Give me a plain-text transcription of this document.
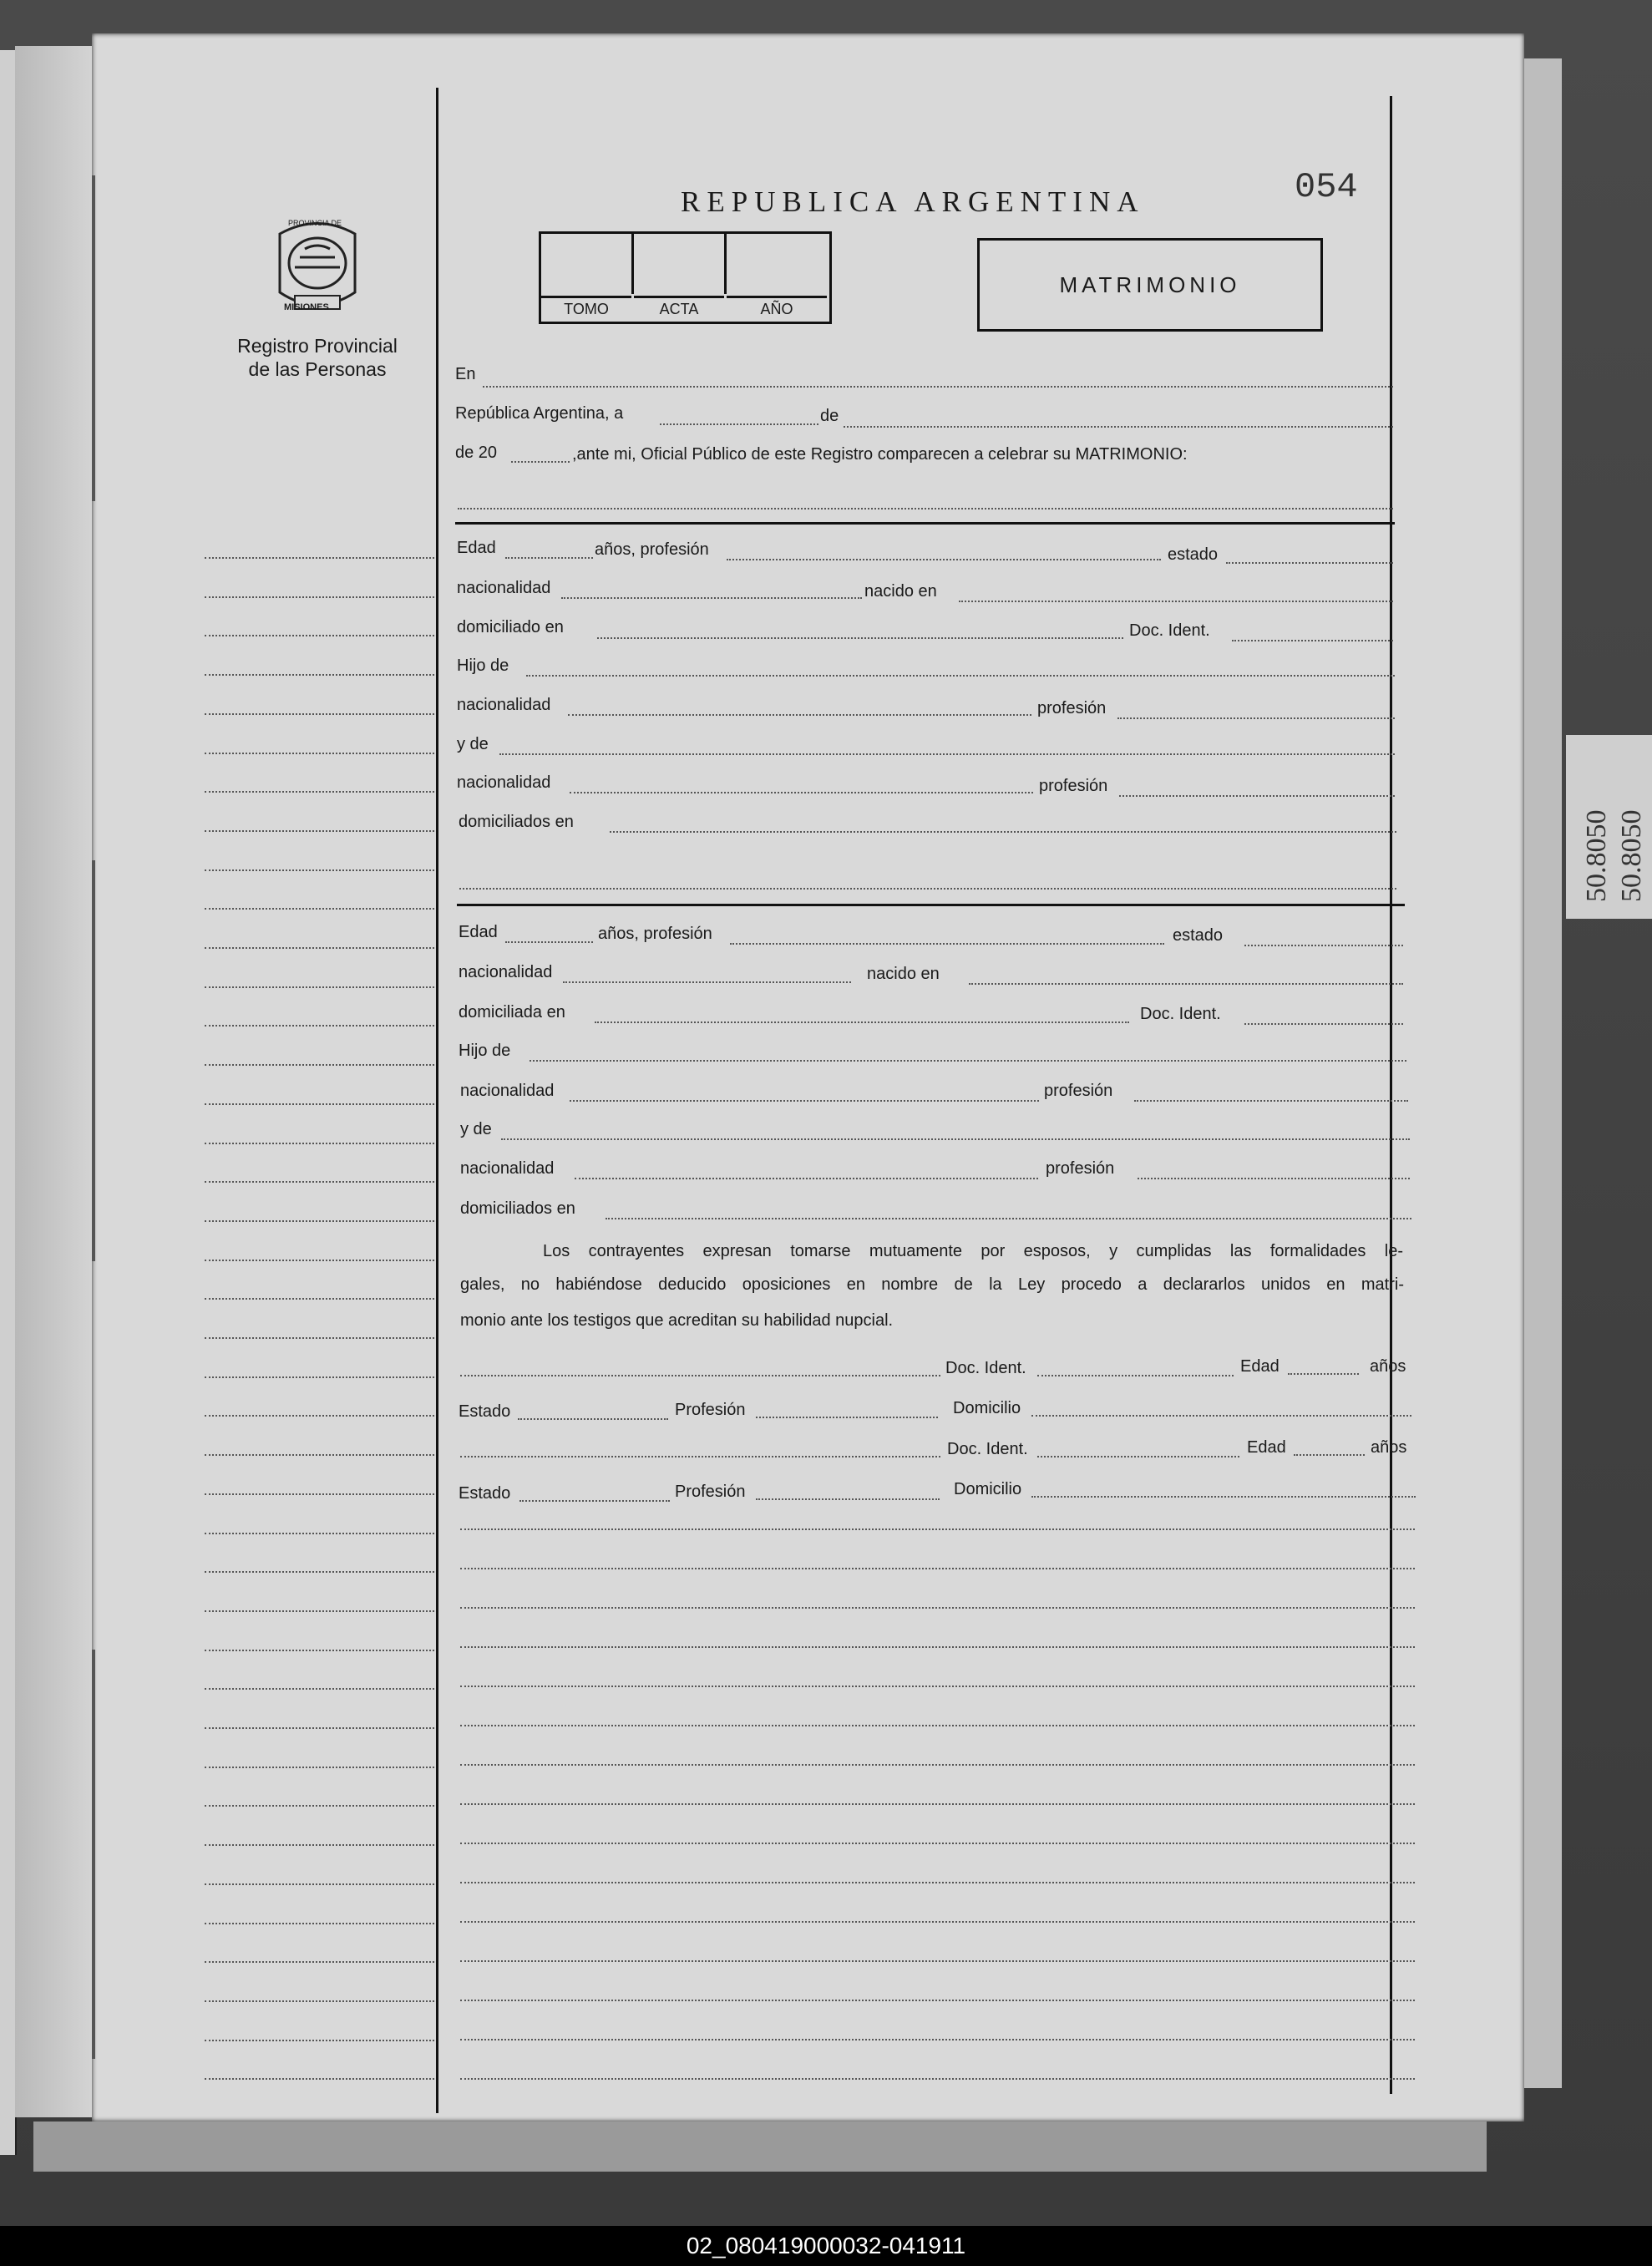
50.8050 50.8050
PROVINCIA DE
MISIONES
Registro Provincial
de las Personas
REPUBLICA ARGENTINA	054
TOMO	ACTA	AÑO
MATRIMONIO
En
República Argentina, a	de
de 20	,ante mi, Oficial Público de este Registro comparecen a celebrar su MATRIMONIO:
Edad	años, profesión	estado
nacionalidad	nacido en
domiciliado en	Doc. Ident.
Hijo de
nacionalidad	profesión
y de
nacionalidad	profesión
domiciliados en
Edad	años, profesión	estado
nacionalidad	nacido en
domiciliada en	Doc. Ident.
Hijo de
nacionalidad	profesión
y de
nacionalidad	profesión
domiciliados en
Los contrayentes expresan tomarse mutuamente por esposos, y cumplidas las formalidades le-
gales, no habiéndose deducido oposiciones en nombre de la Ley procedo a declararlos unidos en matri-
monio ante los testigos que acreditan su habilidad nupcial.
Doc. Ident.	Edad	años
Estado	Profesión	Domicilio
Doc. Ident.	Edad	años
Estado	Profesión	Domicilio
02_080419000032-041911
